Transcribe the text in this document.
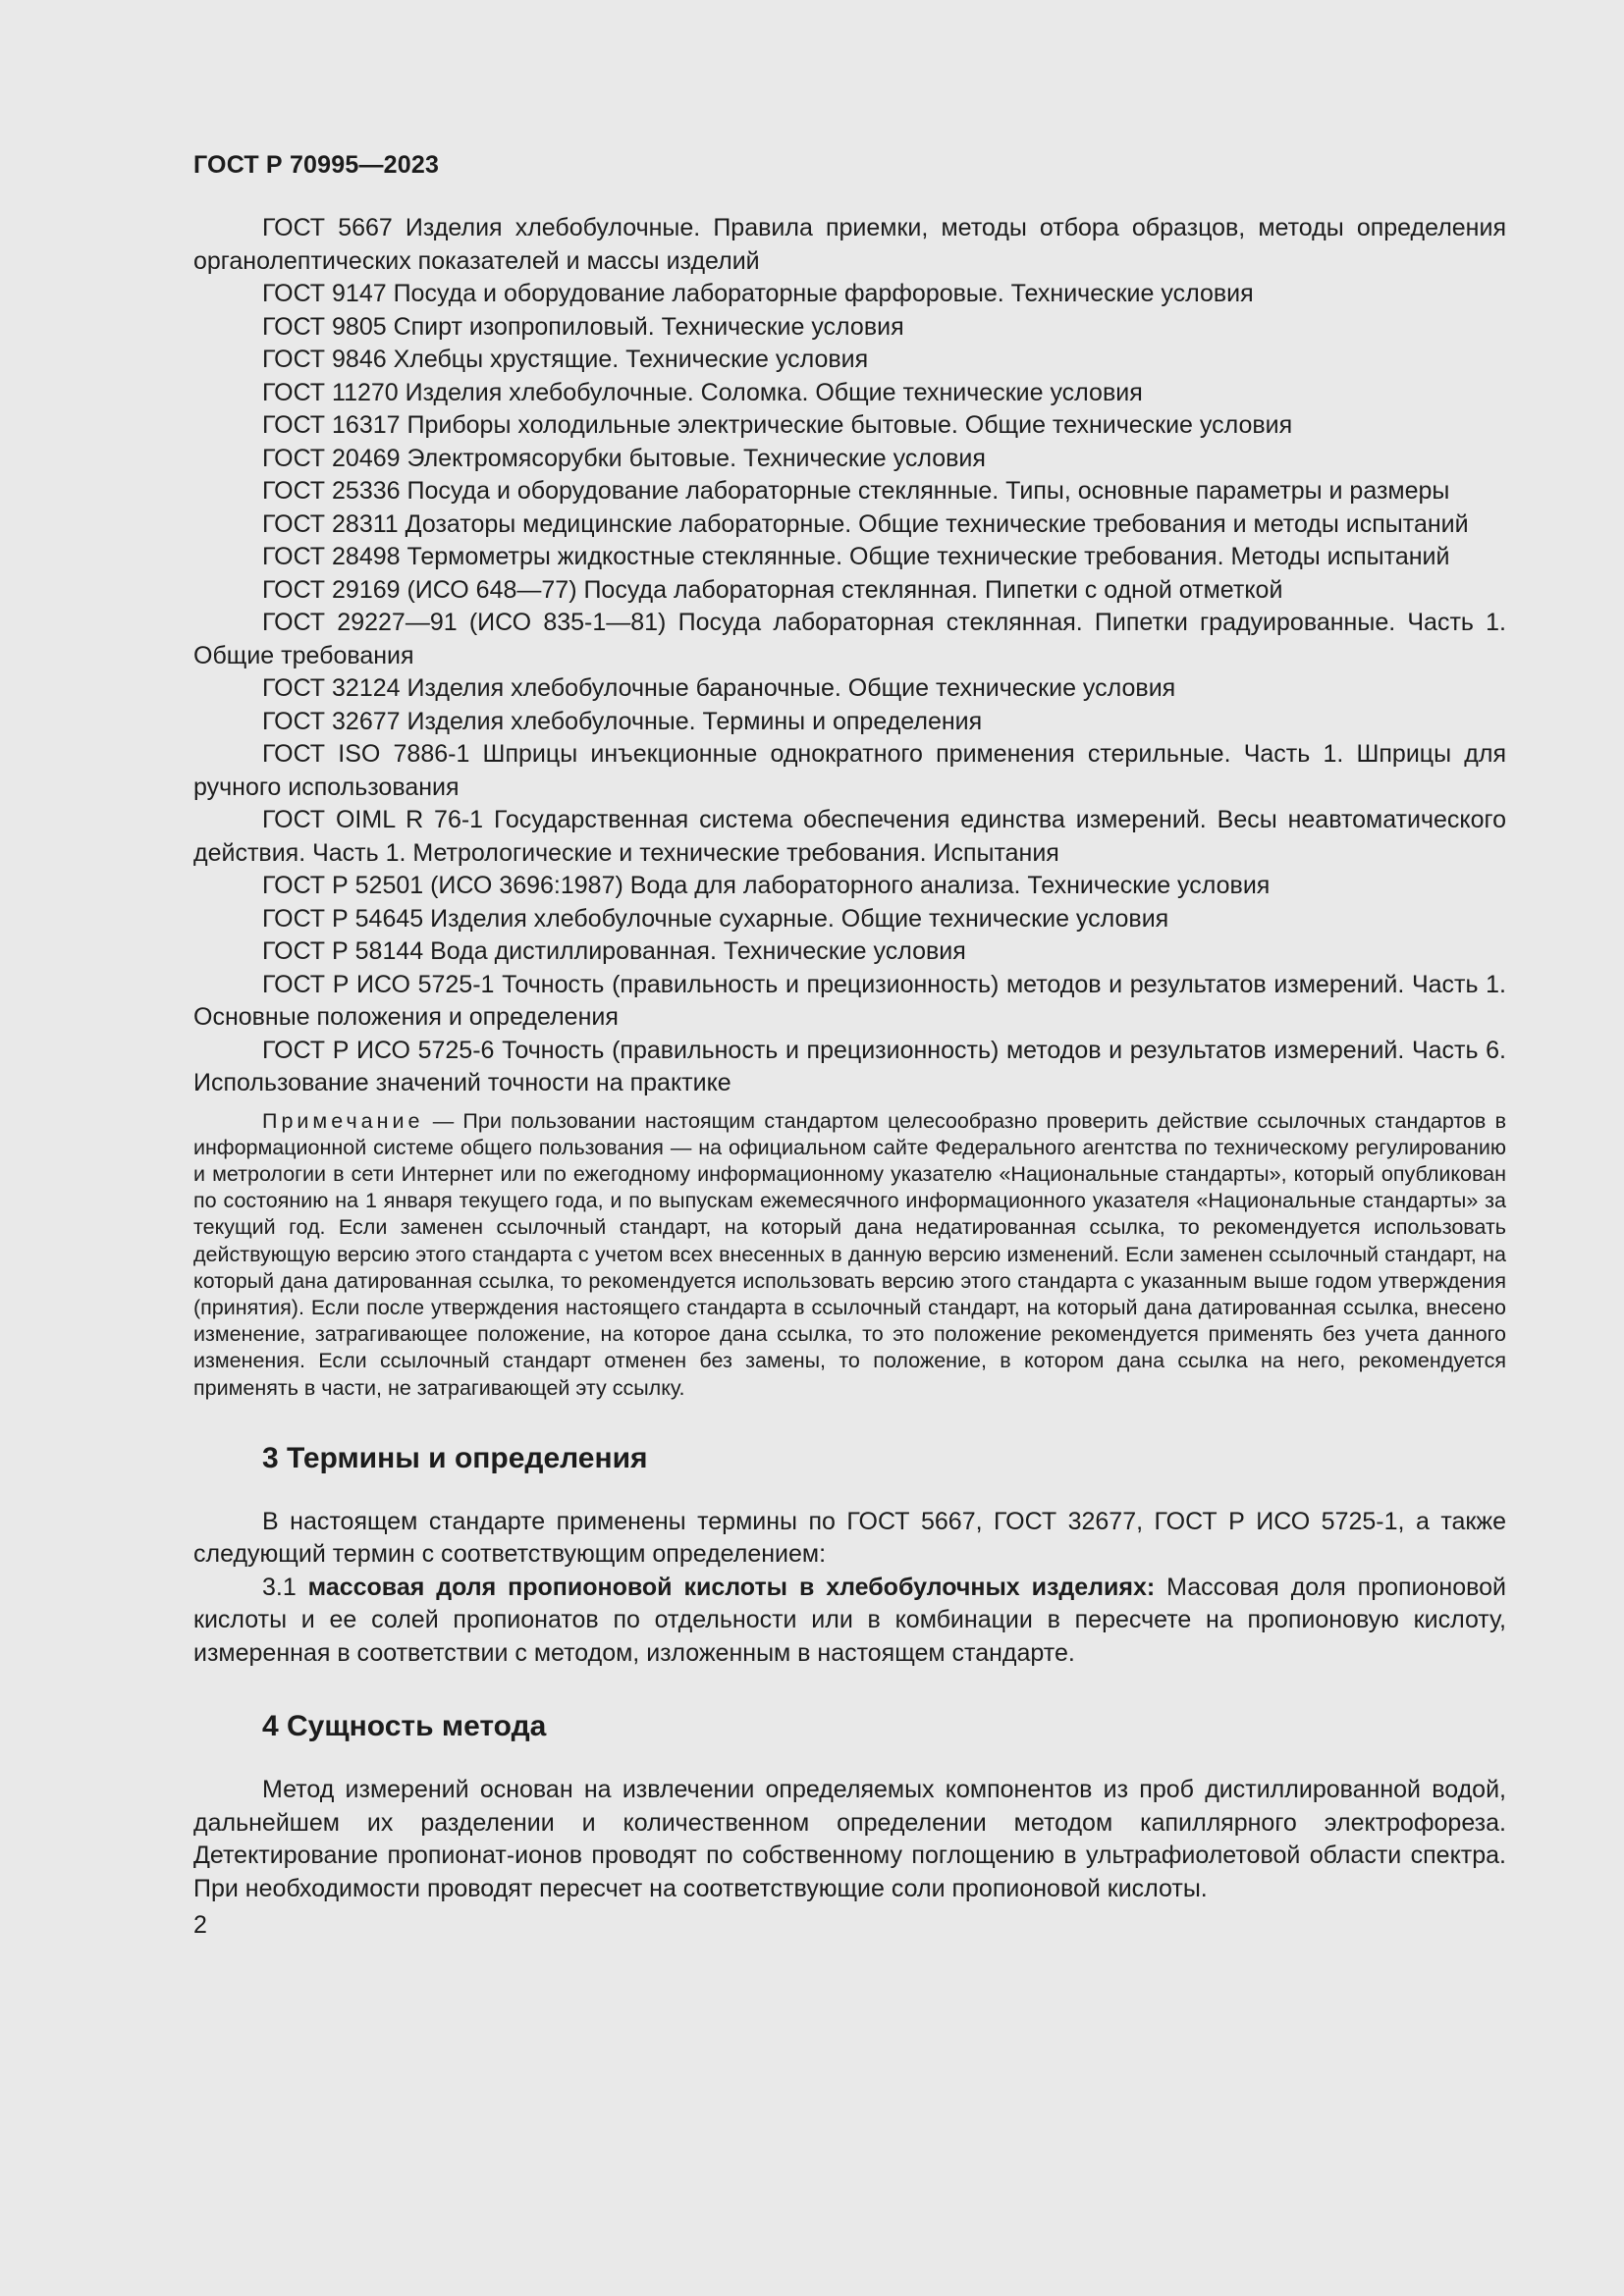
ГОСТ Р 70995—2023

ГОСТ 5667 Изделия хлебобулочные. Правила приемки, методы отбора образцов, методы определения органолептических показателей и массы изделий

ГОСТ 9147 Посуда и оборудование лабораторные фарфоровые. Технические условия

ГОСТ 9805 Спирт изопропиловый. Технические условия

ГОСТ 9846 Хлебцы хрустящие. Технические условия

ГОСТ 11270 Изделия хлебобулочные. Соломка. Общие технические условия

ГОСТ 16317 Приборы холодильные электрические бытовые. Общие технические условия

ГОСТ 20469 Электромясорубки бытовые. Технические условия

ГОСТ 25336 Посуда и оборудование лабораторные стеклянные. Типы, основные параметры и размеры

ГОСТ 28311 Дозаторы медицинские лабораторные. Общие технические требования и методы испытаний

ГОСТ 28498 Термометры жидкостные стеклянные. Общие технические требования. Методы испытаний

ГОСТ 29169 (ИСО 648—77) Посуда лабораторная стеклянная. Пипетки с одной отметкой

ГОСТ 29227—91 (ИСО 835-1—81) Посуда лабораторная стеклянная. Пипетки градуированные. Часть 1. Общие требования

ГОСТ 32124 Изделия хлебобулочные бараночные. Общие технические условия

ГОСТ 32677 Изделия хлебобулочные. Термины и определения

ГОСТ ISO 7886-1 Шприцы инъекционные однократного применения стерильные. Часть 1. Шприцы для ручного использования

ГОСТ OIML R 76-1 Государственная система обеспечения единства измерений. Весы неавтоматического действия. Часть 1. Метрологические и технические требования. Испытания

ГОСТ Р 52501 (ИСО 3696:1987) Вода для лабораторного анализа. Технические условия

ГОСТ Р 54645 Изделия хлебобулочные сухарные. Общие технические условия

ГОСТ Р 58144 Вода дистиллированная. Технические условия

ГОСТ Р ИСО 5725-1 Точность (правильность и прецизионность) методов и результатов измерений. Часть 1. Основные положения и определения

ГОСТ Р ИСО 5725-6 Точность (правильность и прецизионность) методов и результатов измерений. Часть 6. Использование значений точности на практике

Примечание — При пользовании настоящим стандартом целесообразно проверить действие ссылочных стандартов в информационной системе общего пользования — на официальном сайте Федерального агентства по техническому регулированию и метрологии в сети Интернет или по ежегодному информационному указателю «Национальные стандарты», который опубликован по состоянию на 1 января текущего года, и по выпускам ежемесячного информационного указателя «Национальные стандарты» за текущий год. Если заменен ссылочный стандарт, на который дана недатированная ссылка, то рекомендуется использовать действующую версию этого стандарта с учетом всех внесенных в данную версию изменений. Если заменен ссылочный стандарт, на который дана датированная ссылка, то рекомендуется использовать версию этого стандарта с указанным выше годом утверждения (принятия). Если после утверждения настоящего стандарта в ссылочный стандарт, на который дана датированная ссылка, внесено изменение, затрагивающее положение, на которое дана ссылка, то это положение рекомендуется применять без учета данного изменения. Если ссылочный стандарт отменен без замены, то положение, в котором дана ссылка на него, рекомендуется применять в части, не затрагивающей эту ссылку.
3 Термины и определения

В настоящем стандарте применены термины по ГОСТ 5667, ГОСТ 32677, ГОСТ Р ИСО 5725-1, а также следующий термин с соответствующим определением:

3.1 массовая доля пропионовой кислоты в хлебобулочных изделиях: Массовая доля пропионовой кислоты и ее солей пропионатов по отдельности или в комбинации в пересчете на пропионовую кислоту, измеренная в соответствии с методом, изложенным в настоящем стандарте.

4 Сущность метода

Метод измерений основан на извлечении определяемых компонентов из проб дистиллированной водой, дальнейшем их разделении и количественном определении методом капиллярного электрофореза. Детектирование пропионат-ионов проводят по собственному поглощению в ультрафиолетовой области спектра. При необходимости проводят пересчет на соответствующие соли пропионовой кислоты.

2
